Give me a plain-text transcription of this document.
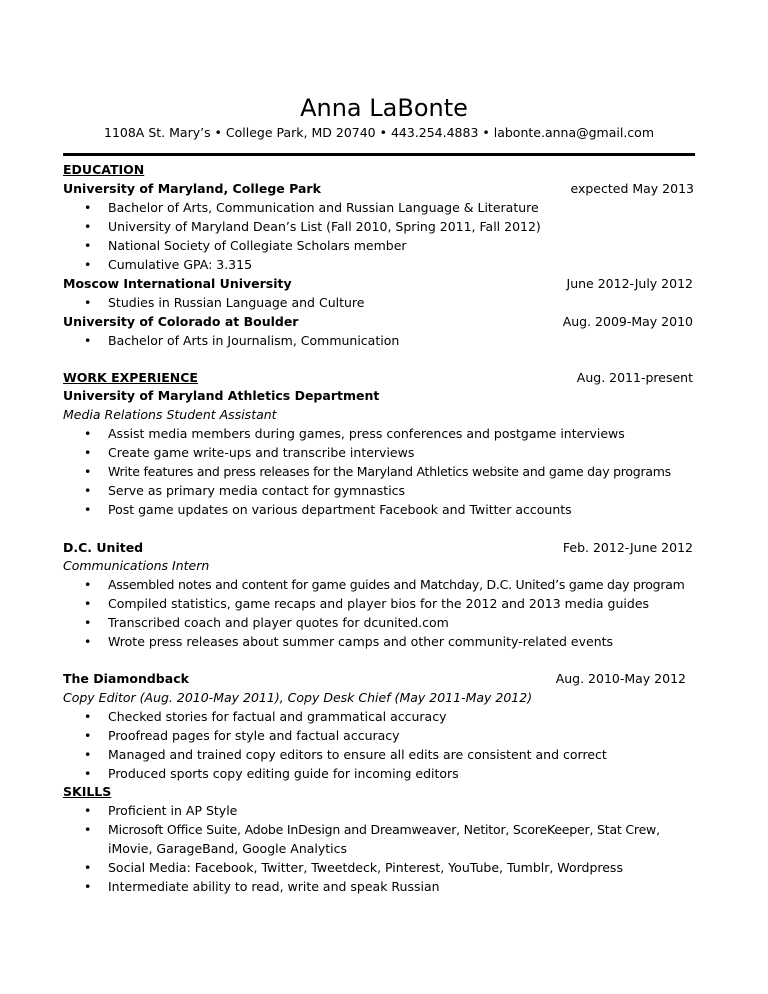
Anna LaBonte
1108A St. Mary’s • College Park, MD 20740 • 443.254.4883 • labonte.anna@gmail.com
EDUCATION
University of Maryland, College Park	expected May 2013
• Bachelor of Arts, Communication and Russian Language & Literature
• University of Maryland Dean’s List (Fall 2010, Spring 2011, Fall 2012)
• National Society of Collegiate Scholars member
• Cumulative GPA: 3.315
Moscow International University	June 2012-July 2012
• Studies in Russian Language and Culture
University of Colorado at Boulder	Aug. 2009-May 2010
• Bachelor of Arts in Journalism, Communication
WORK EXPERIENCE	Aug. 2011-present
University of Maryland Athletics Department
Media Relations Student Assistant
• Assist media members during games, press conferences and postgame interviews
• Create game write-ups and transcribe interviews
• Write features and press releases for the Maryland Athletics website and game day programs
• Serve as primary media contact for gymnastics
• Post game updates on various department Facebook and Twitter accounts
D.C. United	Feb. 2012-June 2012
Communications Intern
• Assembled notes and content for game guides and Matchday, D.C. United’s game day program
• Compiled statistics, game recaps and player bios for the 2012 and 2013 media guides
• Transcribed coach and player quotes for dcunited.com
• Wrote press releases about summer camps and other community-related events
The Diamondback	Aug. 2010-May 2012
Copy Editor (Aug. 2010-May 2011), Copy Desk Chief (May 2011-May 2012)
• Checked stories for factual and grammatical accuracy
• Proofread pages for style and factual accuracy
• Managed and trained copy editors to ensure all edits are consistent and correct
• Produced sports copy editing guide for incoming editors
SKILLS
• Proficient in AP Style
• Microsoft Office Suite, Adobe InDesign and Dreamweaver, Netitor, ScoreKeeper, Stat Crew,
iMovie, GarageBand, Google Analytics
• Social Media: Facebook, Twitter, Tweetdeck, Pinterest, YouTube, Tumblr, Wordpress
• Intermediate ability to read, write and speak Russian
